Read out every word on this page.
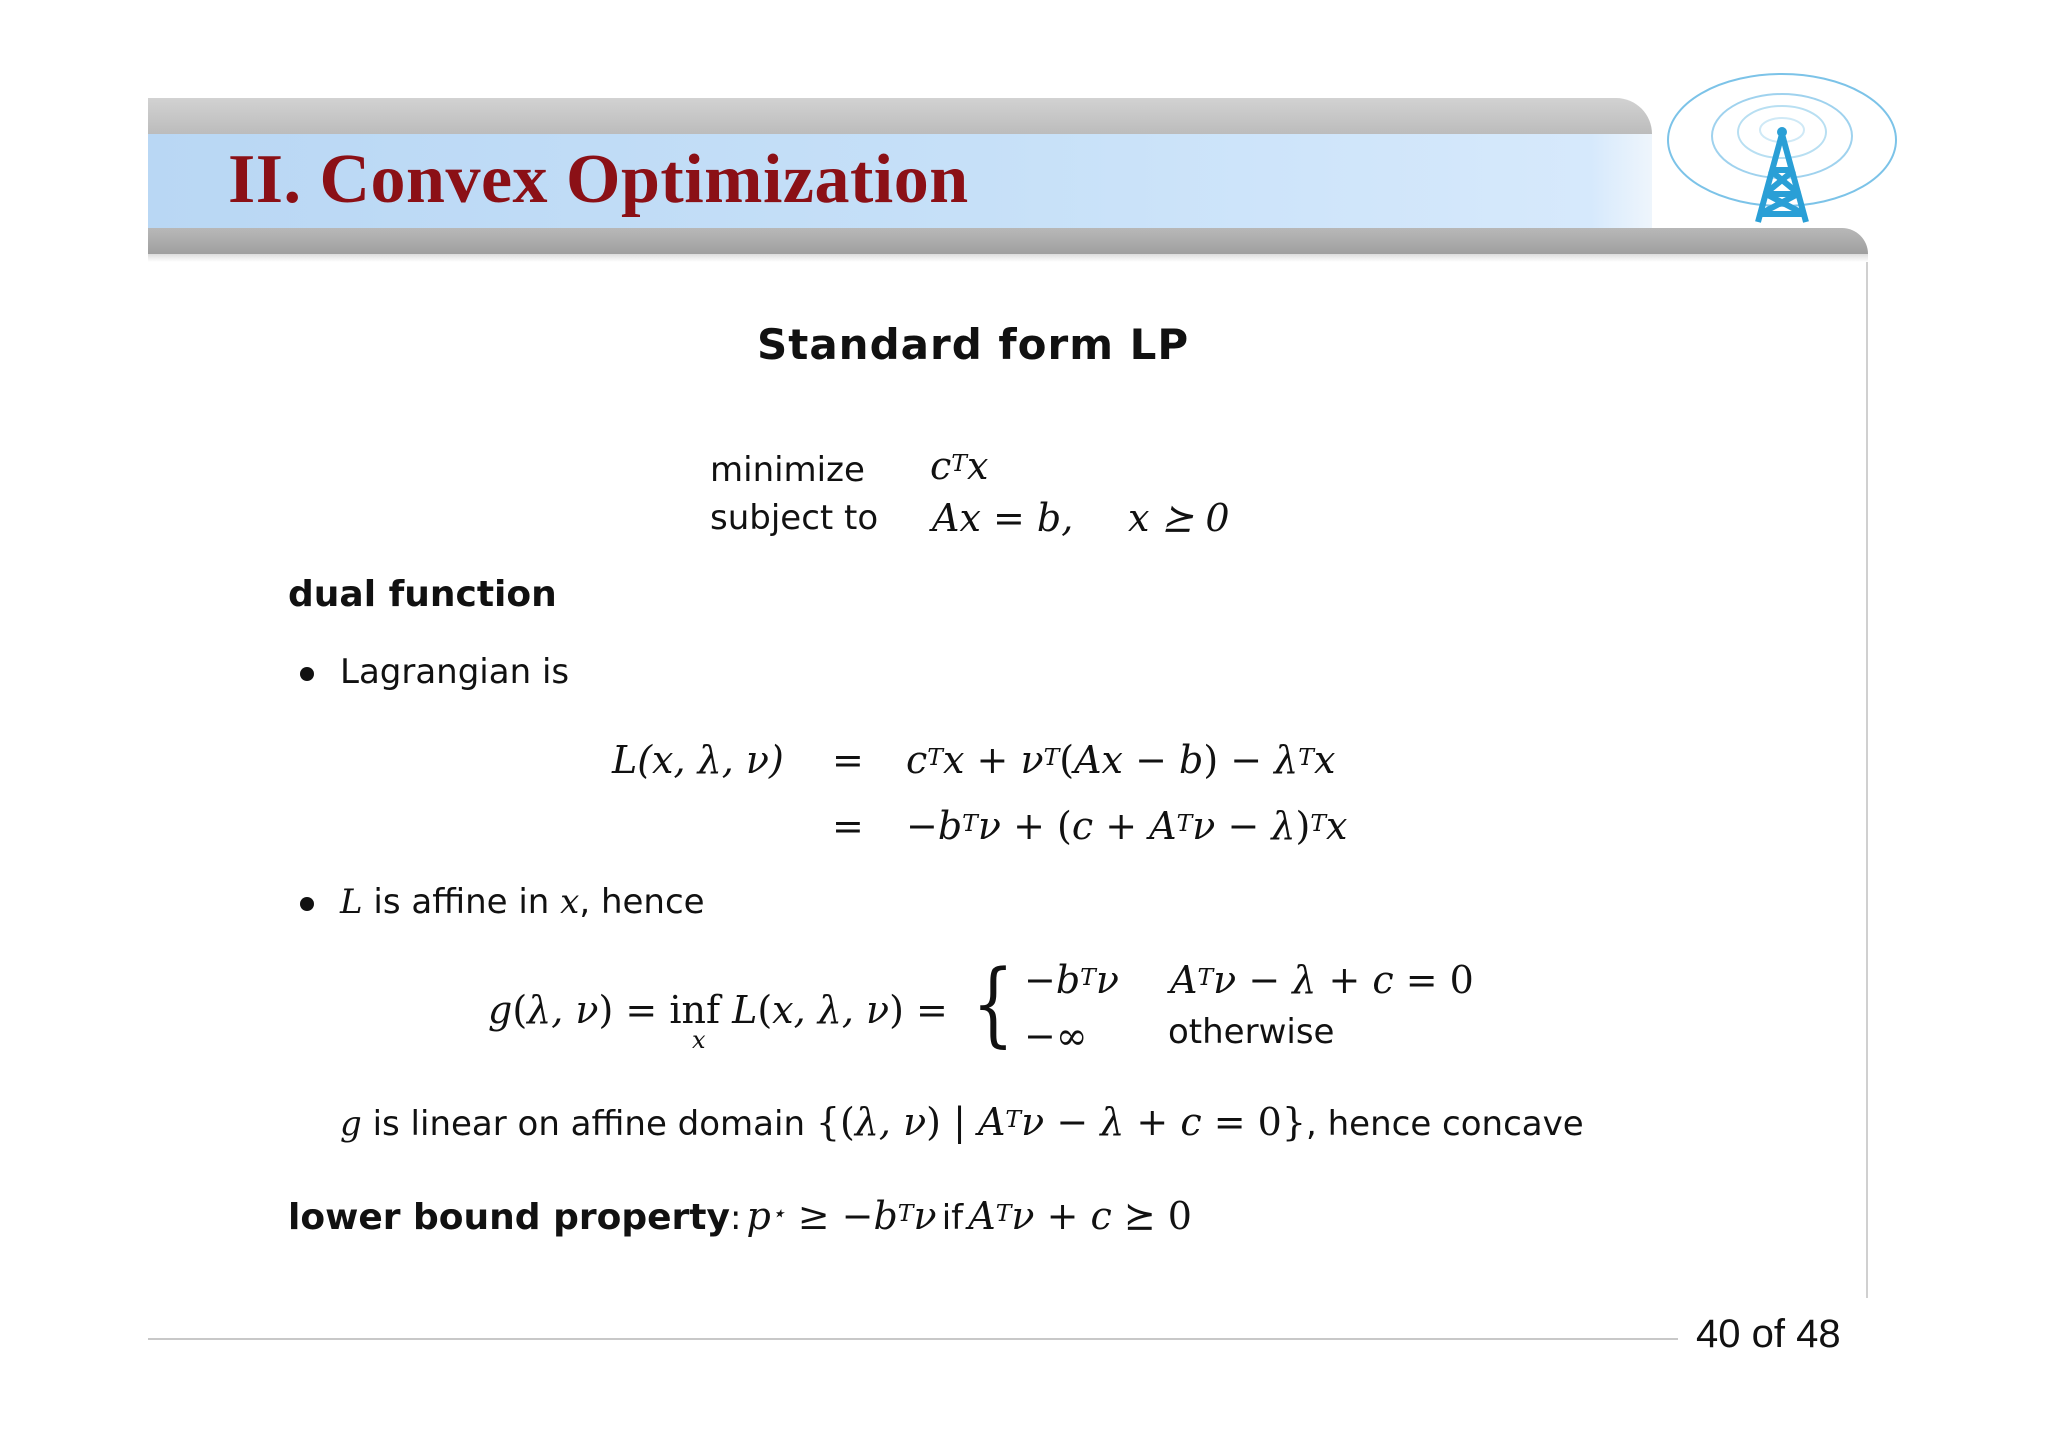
II. Convex Optimization
Standard form LP
minimize $c^Tx$
subject to Ax = b, x ⪰ 0
dual function
Lagrangian is
L(x, λ, $\nu) = c^Tx + \nu^T(Ax - b) - \lambda^Tx$
= $-b^T\nu + (c + A^T\nu - \lambda)^Tx$
L is affine in x, hence
g(λ, ν) = inf L(x, λ, ν) =
x	{ $-b^T\nu$ $A^T\nu - \lambda + c = 0$
−∞ otherwise
g is linear on affine domain {(λ, ν) | $A^T\nu - \lambda + c = 0$}, hence concave
lower bound property: $p^⋆ \ge -b^T\nu$ if $A^T\nu + c$ ⪰ 0
40 of 48
